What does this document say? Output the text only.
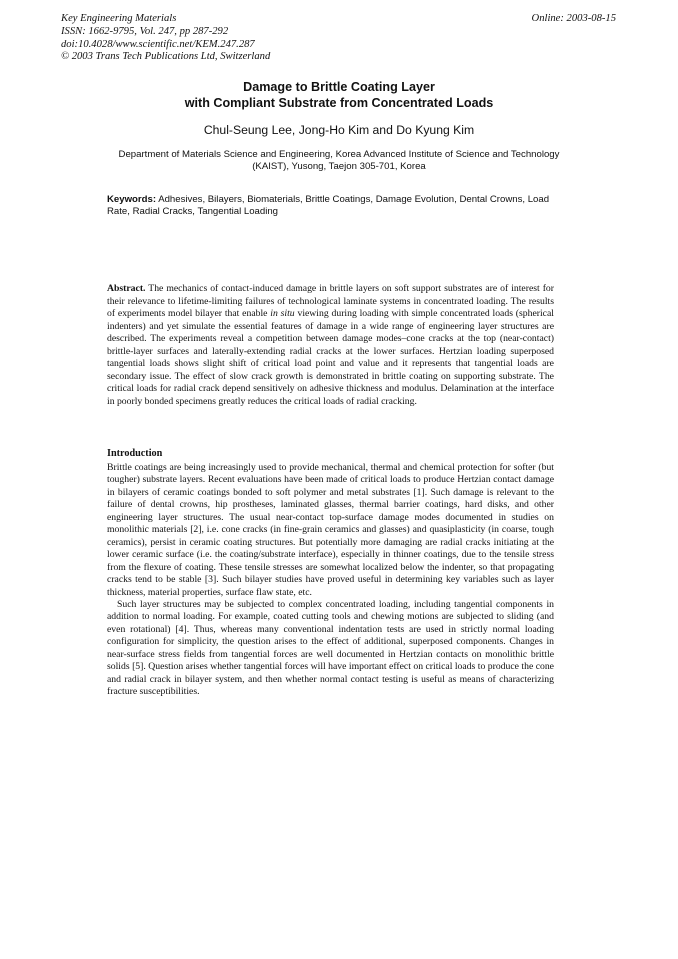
Key Engineering Materials
ISSN: 1662-9795, Vol. 247, pp 287-292
doi:10.4028/www.scientific.net/KEM.247.287
© 2003 Trans Tech Publications Ltd, Switzerland
Online: 2003-08-15
Damage to Brittle Coating Layer
with Compliant Substrate from Concentrated Loads
Chul-Seung Lee, Jong-Ho Kim and Do Kyung Kim
Department of Materials Science and Engineering, Korea Advanced Institute of Science and Technology (KAIST), Yusong, Taejon 305-701, Korea
Keywords: Adhesives, Bilayers, Biomaterials, Brittle Coatings, Damage Evolution, Dental Crowns, Load Rate, Radial Cracks, Tangential Loading
Abstract. The mechanics of contact-induced damage in brittle layers on soft support substrates are of interest for their relevance to lifetime-limiting failures of technological laminate systems in concentrated loading. The results of experiments model bilayer that enable in situ viewing during loading with simple concentrated loads (spherical indenters) and yet simulate the essential features of damage in a wide range of engineering layer structures are described. The experiments reveal a competition between damage modes–cone cracks at the top (near-contact) brittle-layer surfaces and laterally-extending radial cracks at the lower surfaces. Hertzian loading superposed tangential loads shows slight shift of critical load point and value and it represents that tangential loads are secondary issue. The effect of slow crack growth is demonstrated in brittle coating on supporting substrate. The critical loads for radial crack depend sensitively on adhesive thickness and modulus. Delamination at the interface in poorly bonded specimens greatly reduces the critical loads of radial cracking.
Introduction

Brittle coatings are being increasingly used to provide mechanical, thermal and chemical protection for softer (but tougher) substrate layers. Recent evaluations have been made of critical loads to produce Hertzian contact damage in bilayers of ceramic coatings bonded to soft polymer and metal substrates [1]. Such damage is relevant to the failure of dental crowns, hip prostheses, laminated glasses, thermal barrier coatings, hard disks, and other engineering layer structures. The usual near-contact top-surface damage modes documented in studies on monolithic materials [2], i.e. cone cracks (in fine-grain ceramics and glasses) and quasiplasticity (in coarse, tough ceramics), persist in ceramic coating structures. But potentially more damaging are radial cracks initiating at the lower ceramic surface (i.e. the coating/substrate interface), especially in thinner coatings, due to the tensile stress from the flexure of coating. These tensile stresses are somewhat localized below the indenter, so that propagating cracks tend to be stable [3]. Such bilayer studies have proved useful in determining key variables such as layer thickness, material properties, surface flaw state, etc.

Such layer structures may be subjected to complex concentrated loading, including tangential components in addition to normal loading. For example, coated cutting tools and chewing motions are subjected to sliding (and even rotational) [4]. Thus, whereas many conventional indentation tests are used in strictly normal loading configuration for simplicity, the question arises to the effect of additional, superposed components. Changes in near-surface stress fields from tangential forces are well documented in Hertzian contacts on monolithic brittle solids [5]. Question arises whether tangential forces will have important effect on critical loads to produce the cone and radial crack in bilayer system, and then whether normal contact testing is useful as means of characterizing fracture susceptibilities.
